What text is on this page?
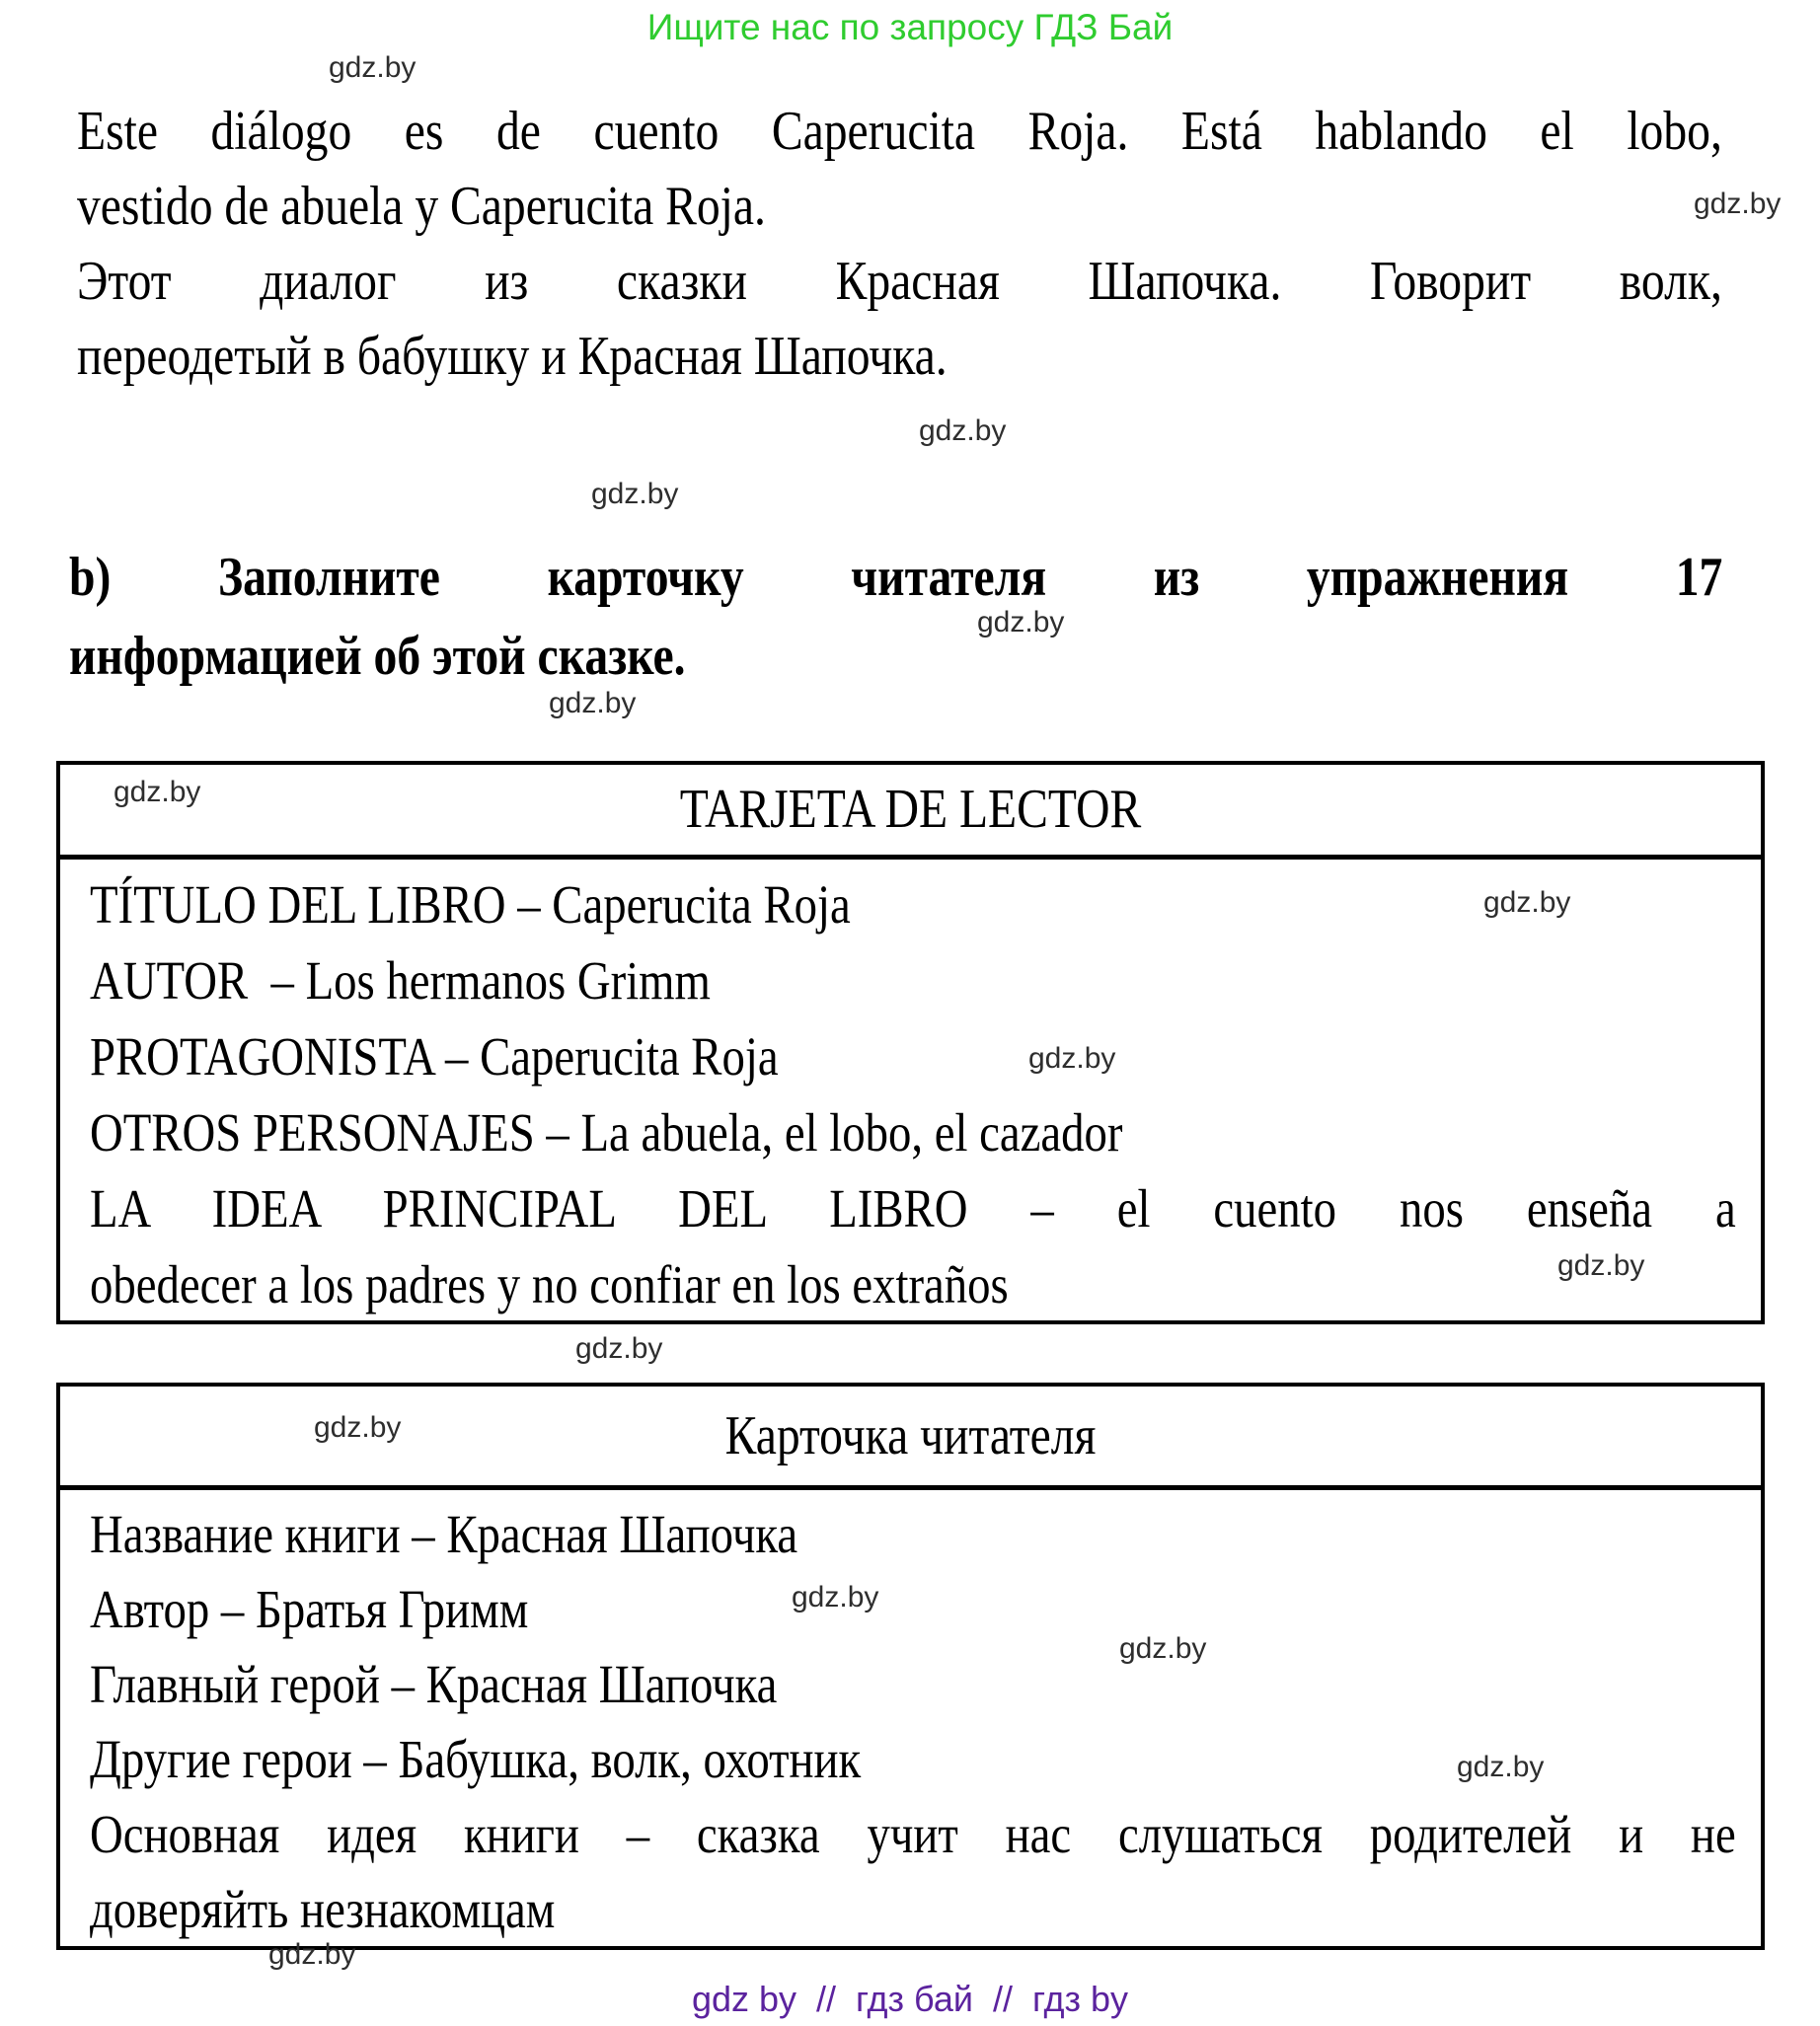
Ищите нас по запросу ГДЗ Бай
gdz.by
gdz.by
gdz.by
gdz.by
gdz.by
gdz.by
gdz.by
gdz.by
gdz.by
gdz.by
gdz.by
gdz.by
gdz.by
gdz.by
gdz.by
gdz.by
Este diálogo es de cuento Caperucita Roja. Está hablando el lobo,
vestido de abuela y Caperucita Roja.
Этот диалог из сказки Красная Шапочка. Говорит волк,
переодетый в бабушку и Красная Шапочка.
b) Заполните карточку читателя из упражнения 17
информацией об этой сказке.
TARJETA DE LECTOR
TÍTULO DEL LIBRO – Caperucita Roja
AUTOR  – Los hermanos Grimm
PROTAGONISTA – Caperucita Roja
OTROS PERSONAJES – La abuela, el lobo, el cazador
LA IDEA PRINCIPAL DEL LIBRO – el cuento nos enseña a
obedecer a los padres y no confiar en los extraños
Карточка читателя
Название книги – Красная Шапочка
Автор – Братья Гримм
Главный герой – Красная Шапочка
Другие герои – Бабушка, волк, охотник
Основная идея книги – сказка учит нас слушаться родителей и не
доверяйть незнакомцам
gdz by  //  гдз бай  //  гдз by
